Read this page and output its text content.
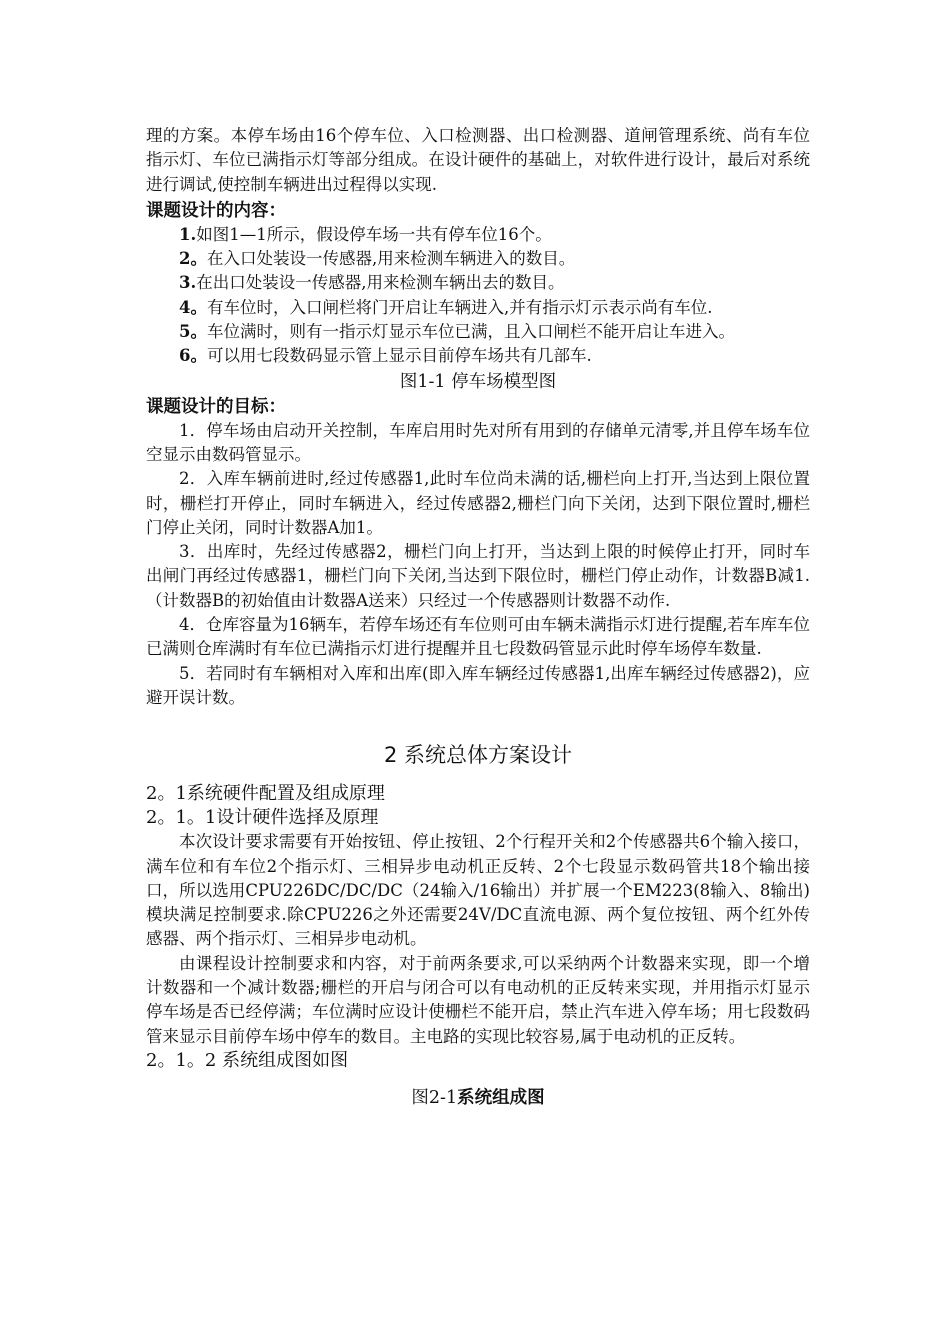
理的方案。本停车场由16个停车位、入口检测器、出口检测器、道闸管理系统、尚有车位指示灯、车位已满指示灯等部分组成。在设计硬件的基础上，对软件进行设计，最后对系统进行调试,使控制车辆进出过程得以实现.

课题设计的内容：

1.如图1—1所示，假设停车场一共有停车位16个。

2。在入口处装设一传感器,用来检测车辆进入的数目。

3.在出口处装设一传感器,用来检测车辆出去的数目。

4。有车位时，入口闸栏将门开启让车辆进入,并有指示灯示表示尚有车位.

5。车位满时，则有一指示灯显示车位已满，且入口闸栏不能开启让车进入。

6。可以用七段数码显示管上显示目前停车场共有几部车.

图1-1 停车场模型图

课题设计的目标：

1．停车场由启动开关控制，车库启用时先对所有用到的存储单元清零,并且停车场车位空显示由数码管显示。

2．入库车辆前进时,经过传感器1,此时车位尚未满的话,栅栏向上打开,当达到上限位置时，栅栏打开停止，同时车辆进入，经过传感器2,栅栏门向下关闭，达到下限位置时,栅栏门停止关闭，同时计数器A加1。

3．出库时，先经过传感器2，栅栏门向上打开，当达到上限的时候停止打开，同时车出闸门再经过传感器1，栅栏门向下关闭,当达到下限位时，栅栏门停止动作，计数器B减1.（计数器B的初始值由计数器A送来）只经过一个传感器则计数器不动作.

4．仓库容量为16辆车，若停车场还有车位则可由车辆未满指示灯进行提醒,若车库车位已满则仓库满时有车位已满指示灯进行提醒并且七段数码管显示此时停车场停车数量.

5．若同时有车辆相对入库和出库(即入库车辆经过传感器1,出库车辆经过传感器2)，应避开误计数。

2 系统总体方案设计

2。1系统硬件配置及组成原理

2。1。1设计硬件选择及原理

本次设计要求需要有开始按钮、停止按钮、2个行程开关和2个传感器共6个输入接口，满车位和有车位2个指示灯、三相异步电动机正反转、2个七段显示数码管共18个输出接口，所以选用CPU226DC/DC/DC（24输入/16输出）并扩展一个EM223(8输入、8输出)模块满足控制要求.除CPU226之外还需要24V/DC直流电源、两个复位按钮、两个红外传感器、两个指示灯、三相异步电动机。

由课程设计控制要求和内容，对于前两条要求,可以采纳两个计数器来实现，即一个增计数器和一个减计数器;栅栏的开启与闭合可以有电动机的正反转来实现，并用指示灯显示停车场是否已经停满；车位满时应设计使栅栏不能开启，禁止汽车进入停车场；用七段数码管来显示目前停车场中停车的数目。主电路的实现比较容易,属于电动机的正反转。

2。1。2 系统组成图如图

图2-1系统组成图
